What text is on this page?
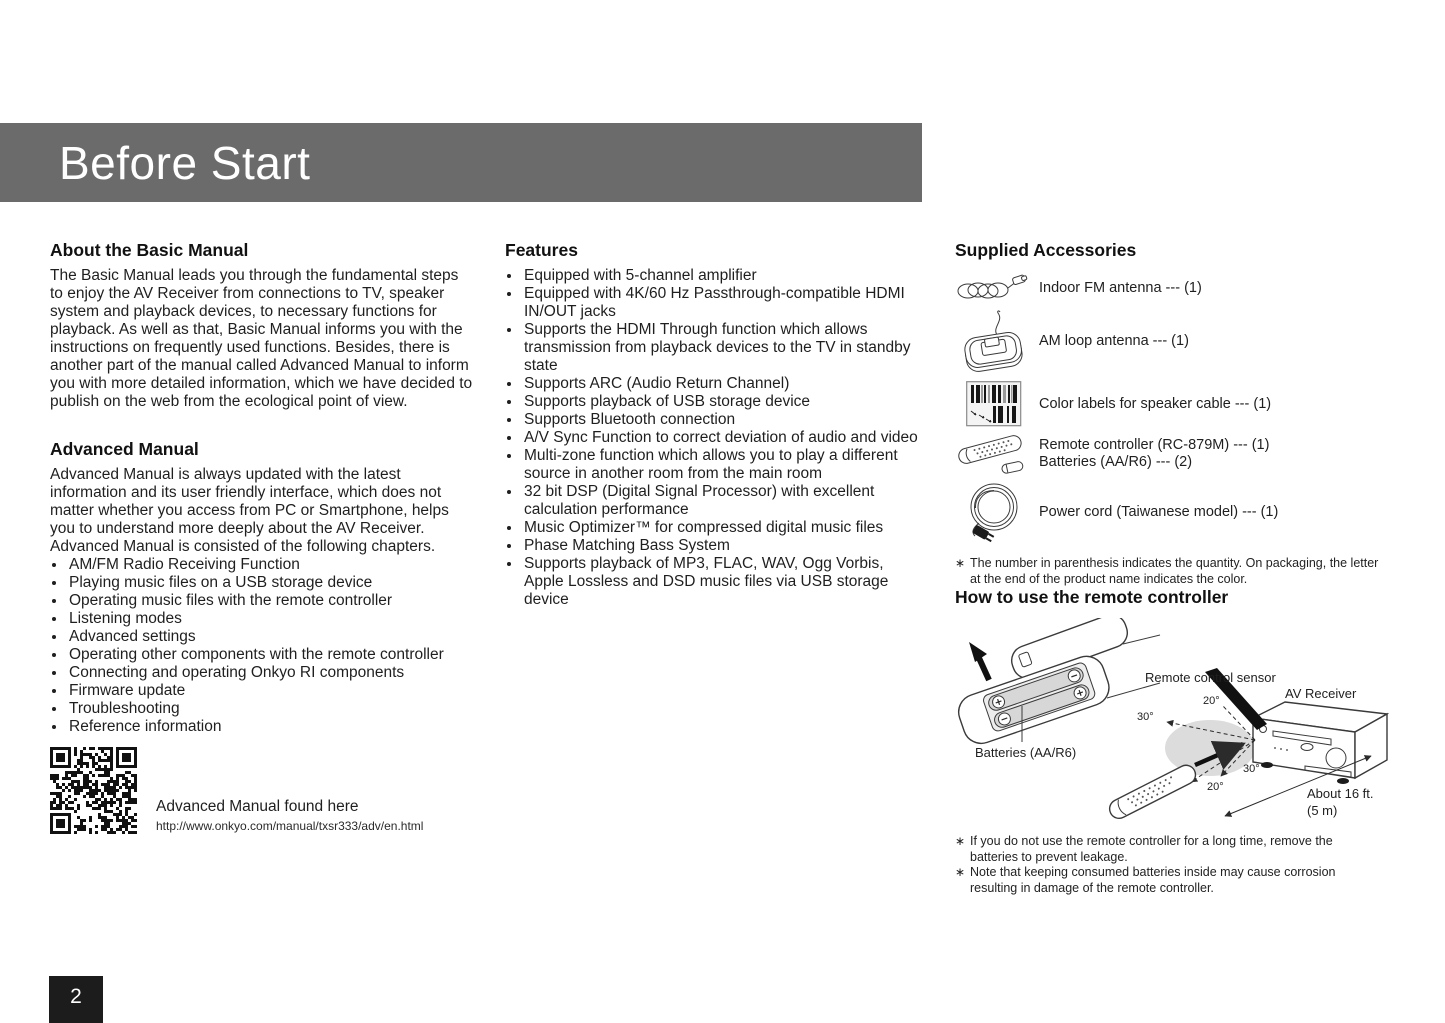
Before Start
About the Basic Manual

The Basic Manual leads you through the fundamental steps to enjoy the AV Receiver from connections to TV, speaker system and playback devices, to necessary functions for playback. As well as that, Basic Manual informs you with the instructions on frequently used functions. Besides, there is another part of the manual called Advanced Manual to inform you with more detailed information, which we have decided to publish on the web from the ecological point of view.

Advanced Manual

Advanced Manual is always updated with the latest information and its user friendly interface, which does not matter whether you access from PC or Smartphone, helps you to understand more deeply about the AV Receiver. Advanced Manual is consisted of the following chapters.

• AM/FM Radio Receiving Function
• Playing music files on a USB storage device
• Operating music files with the remote controller
• Listening modes
• Advanced settings
• Operating other components with the remote controller
• Connecting and operating Onkyo RI components
• Firmware update
• Troubleshooting
• Reference information
Advanced Manual found here
http://www.onkyo.com/manual/txsr333/adv/en.html
Features
• Equipped with 5-channel amplifier
• Equipped with 4K/60 Hz Passthrough-compatible HDMI IN/OUT jacks
• Supports the HDMI Through function which allows transmission from playback devices to the TV in standby state
• Supports ARC (Audio Return Channel)
• Supports playback of USB storage device
• Supports Bluetooth connection
• A/V Sync Function to correct deviation of audio and video
• Multi-zone function which allows you to play a different source in another room from the main room
• 32 bit DSP (Digital Signal Processor) with excellent calculation performance
• Music Optimizer™ for compressed digital music files
• Phase Matching Bass System
• Supports playback of MP3, FLAC, WAV, Ogg Vorbis, Apple Lossless and DSD music files via USB storage device
Supplied Accessories
Indoor FM antenna --- (1)
AM loop antenna --- (1)
Color labels for speaker cable --- (1)
Remote controller (RC-879M) --- (1)
Batteries (AA/R6) --- (2)
Power cord (Taiwanese model) --- (1)
∗ The number in parenthesis indicates the quantity. On packaging, the letter
at the end of the product name indicates the color.
How to use the remote controller
Batteries (AA/R6)
20°
30°
30°
20°
Remote control sensor
AV Receiver
About 16 ft.
(5 m)
∗ If you do not use the remote controller for a long time, remove the
batteries to prevent leakage.
∗ Note that keeping consumed batteries inside may cause corrosion
resulting in damage of the remote controller.
2
